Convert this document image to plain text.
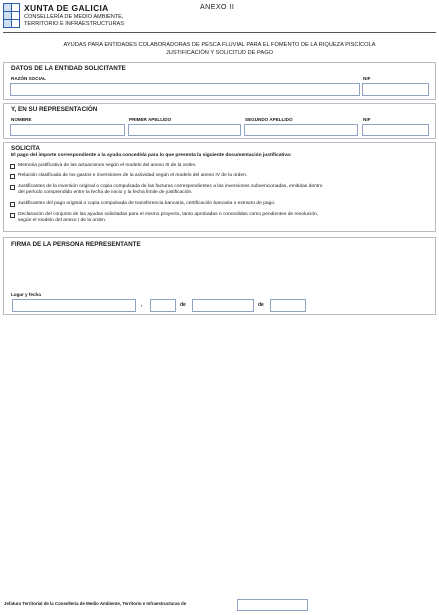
XUNTA DE GALICIA
CONSELLERÍA DE MEDIO AMBIENTE,
TERRITORIO E INFRAESTRUCTURAS
ANEXO II
AYUDAS PARA ENTIDADES COLABORADORAS DE PESCA FLUVIAL PARA EL FOMENTO DE LA RIQUEZA PISCÍCOLA
JUSTIFICACIÓN Y SOLICITUD DE PAGO
DATOS DE LA ENTIDAD SOLICITANTE
RAZÓN SOCIAL	NIF
Y, EN SU REPRESENTACIÓN
NOMBRE	PRIMER APELLIDO	SEGUNDO APELLIDO	NIF
SOLICITA
El pago del importe correspondiente a la ayuda concedida para lo que presenta la siguiente documentación justificativa:
Memoria justificativa de las actuaciones según el modelo del anexo III de la orden.
Relación clasificada de los gastos e inversiones de la actividad según el modelo del anexo IV de la orden.
Justificantes de la inversión original o copia compulsada de las facturas correspondientes a las inversiones subvencionadas, emitidas dentro
del período comprendido entre la fecha de inicio y la fecha límite de justificación.
Justificantes del pago original o copia compulsada de transferencia bancaria, certificación bancaria o extracto de pago.
Declaración del conjunto de las ayudas solicitadas para el mismo proyecto, tanto aprobadas o concedidas como pendientes de resolución,
según el modelo del anexo I de la orden.
FIRMA DE LA PERSONA REPRESENTANTE
Lugar y fecha
,	de	de
Jefatura Territorial de la Consellería de Medio Ambiente, Territorio e Infraestructuras de
